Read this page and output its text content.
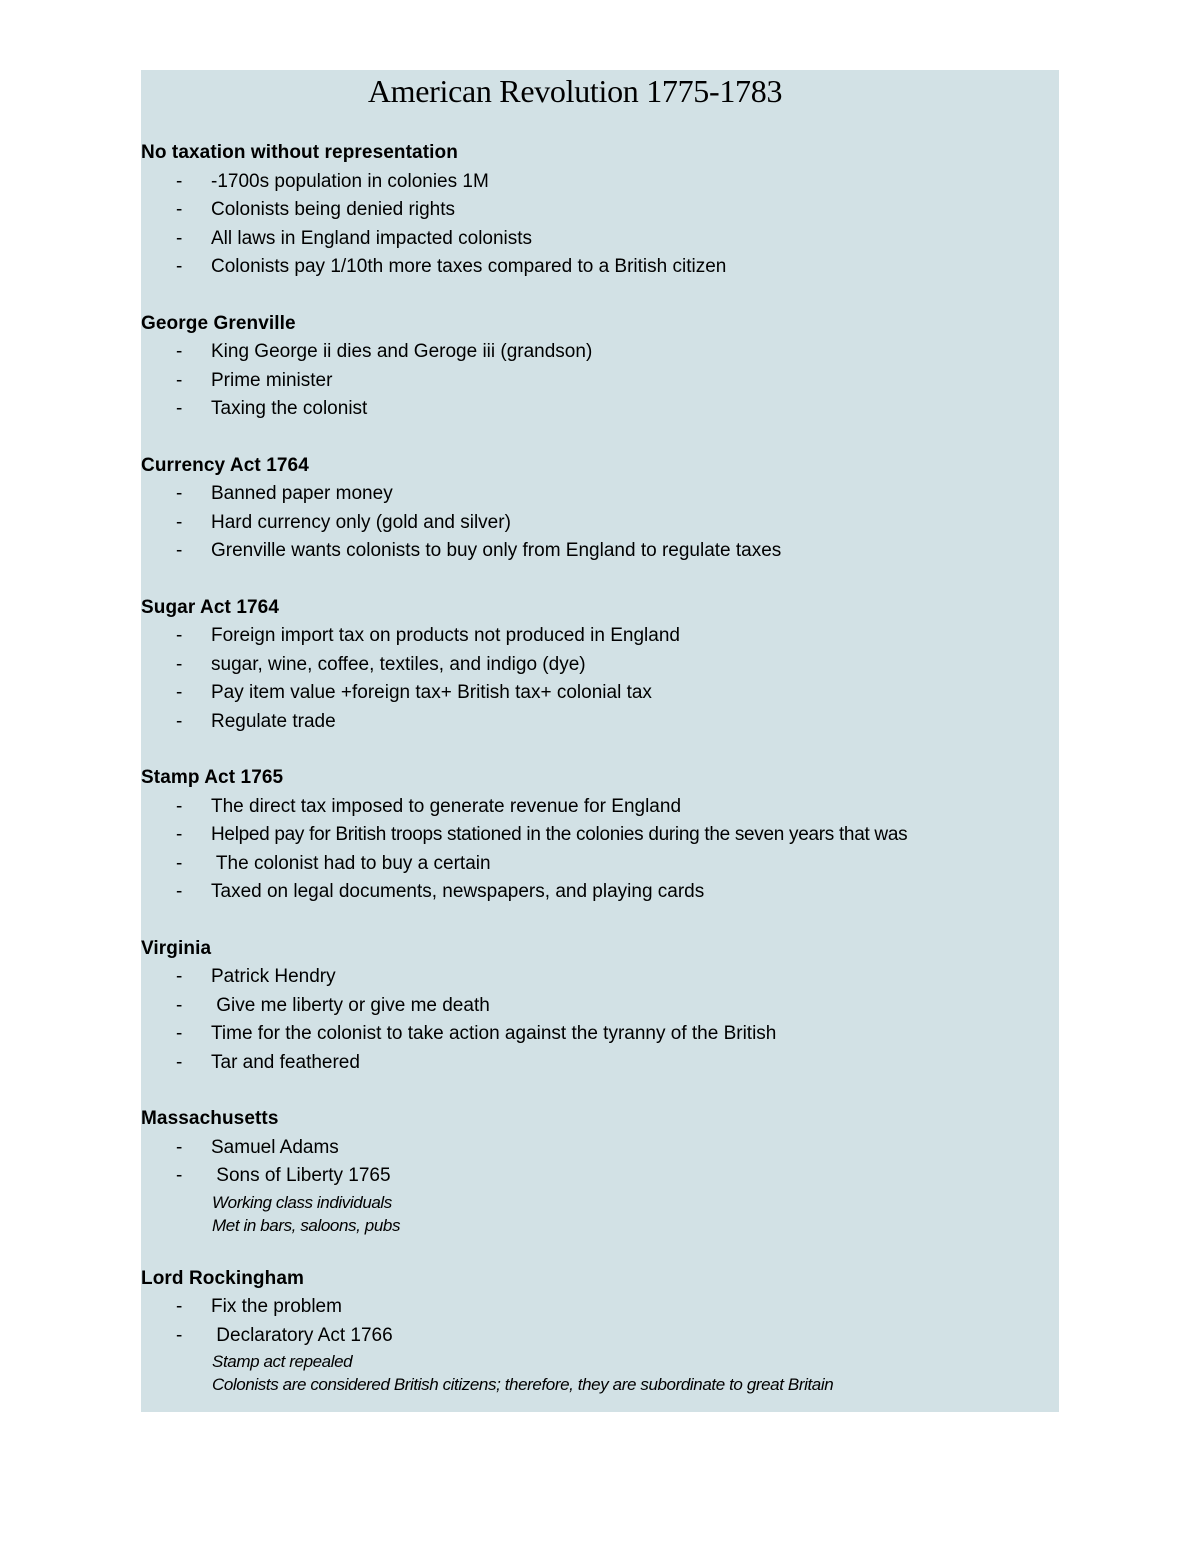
American Revolution 1775-1783
No taxation without representation
- -1700s population in colonies 1M
- Colonists being denied rights
- All laws in England impacted colonists
- Colonists pay 1/10th more taxes compared to a British citizen
George Grenville
- King George ii dies and Geroge iii (grandson)
- Prime minister
- Taxing the colonist
Currency Act 1764
- Banned paper money
- Hard currency only (gold and silver)
- Grenville wants colonists to buy only from England to regulate taxes
Sugar Act 1764
- Foreign import tax on products not produced in England
- sugar, wine, coffee, textiles, and indigo (dye)
- Pay item value +foreign tax+ British tax+ colonial tax
- Regulate trade
Stamp Act 1765
- The direct tax imposed to generate revenue for England
- Helped pay for British troops stationed in the colonies during the seven years that was
- The colonist had to buy a certain
- Taxed on legal documents, newspapers, and playing cards
Virginia
- Patrick Hendry
- Give me liberty or give me death
- Time for the colonist to take action against the tyranny of the British
- Tar and feathered
Massachusetts
- Samuel Adams
- Sons of Liberty 1765
Working class individuals
Met in bars, saloons, pubs
Lord Rockingham
- Fix the problem
- Declaratory Act 1766
Stamp act repealed
Colonists are considered British citizens; therefore, they are subordinate to great Britain
